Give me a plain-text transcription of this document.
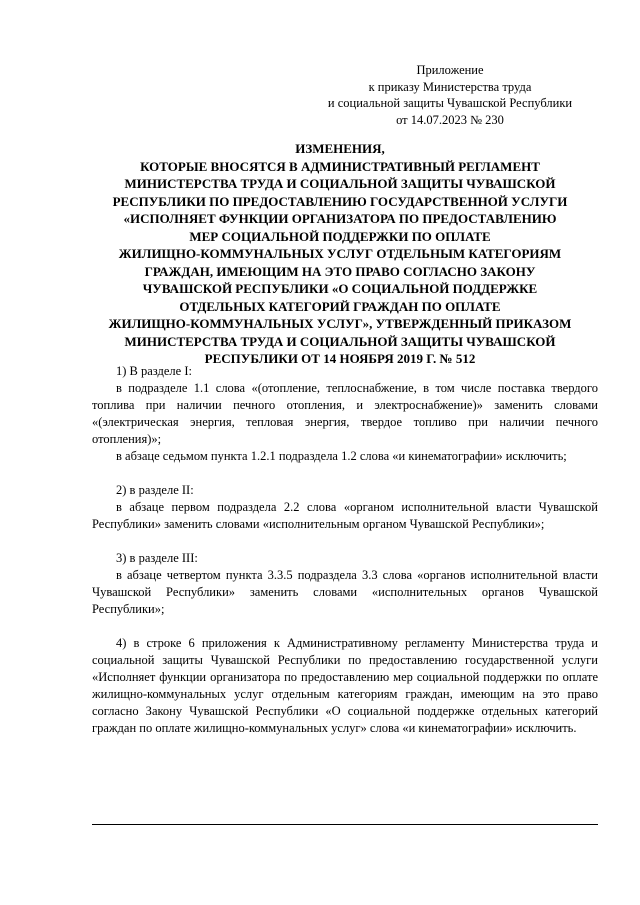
Приложение
к приказу Министерства труда
и социальной защиты Чувашской Республики
от 14.07.2023 № 230
ИЗМЕНЕНИЯ,
КОТОРЫЕ ВНОСЯТСЯ В АДМИНИСТРАТИВНЫЙ РЕГЛАМЕНТ
МИНИСТЕРСТВА ТРУДА И СОЦИАЛЬНОЙ ЗАЩИТЫ ЧУВАШСКОЙ
РЕСПУБЛИКИ ПО ПРЕДОСТАВЛЕНИЮ ГОСУДАРСТВЕННОЙ УСЛУГИ
«ИСПОЛНЯЕТ ФУНКЦИИ ОРГАНИЗАТОРА ПО ПРЕДОСТАВЛЕНИЮ
МЕР СОЦИАЛЬНОЙ ПОДДЕРЖКИ ПО ОПЛАТЕ
ЖИЛИЩНО-КОММУНАЛЬНЫХ УСЛУГ ОТДЕЛЬНЫМ КАТЕГОРИЯМ
ГРАЖДАН, ИМЕЮЩИМ НА ЭТО ПРАВО СОГЛАСНО ЗАКОНУ
ЧУВАШСКОЙ РЕСПУБЛИКИ «О СОЦИАЛЬНОЙ ПОДДЕРЖКЕ
ОТДЕЛЬНЫХ КАТЕГОРИЙ ГРАЖДАН ПО ОПЛАТЕ
ЖИЛИЩНО-КОММУНАЛЬНЫХ УСЛУГ», УТВЕРЖДЕННЫЙ ПРИКАЗОМ
МИНИСТЕРСТВА ТРУДА И СОЦИАЛЬНОЙ ЗАЩИТЫ ЧУВАШСКОЙ
РЕСПУБЛИКИ ОТ 14 НОЯБРЯ 2019 Г. № 512

1) В разделе I:

в подразделе 1.1 слова «(отопление, теплоснабжение, в том числе поставка твердого топлива при наличии печного отопления, и электроснабжение)» заменить словами «(электрическая энергия, тепловая энергия, твердое топливо при наличии печного отопления)»;

в абзаце седьмом пункта 1.2.1 подраздела 1.2 слова «и кинематографии» исключить;

2) в разделе II:

в абзаце первом подраздела 2.2 слова «органом исполнительной власти Чувашской Республики» заменить словами «исполнительным органом Чувашской Республики»;

3) в разделе III:

в абзаце четвертом пункта 3.3.5 подраздела 3.3 слова «органов исполнительной власти Чувашской Республики» заменить словами «исполнительных органов Чувашской Республики»;

4) в строке 6 приложения к Административному регламенту Министерства труда и социальной защиты Чувашской Республики по предоставлению государственной услуги «Исполняет функции организатора по предоставлению мер социальной поддержки по оплате жилищно-коммунальных услуг отдельным категориям граждан, имеющим на это право согласно Закону Чувашской Республики «О социальной поддержке отдельных категорий граждан по оплате жилищно-коммунальных услуг» слова «и кинематографии» исключить.
